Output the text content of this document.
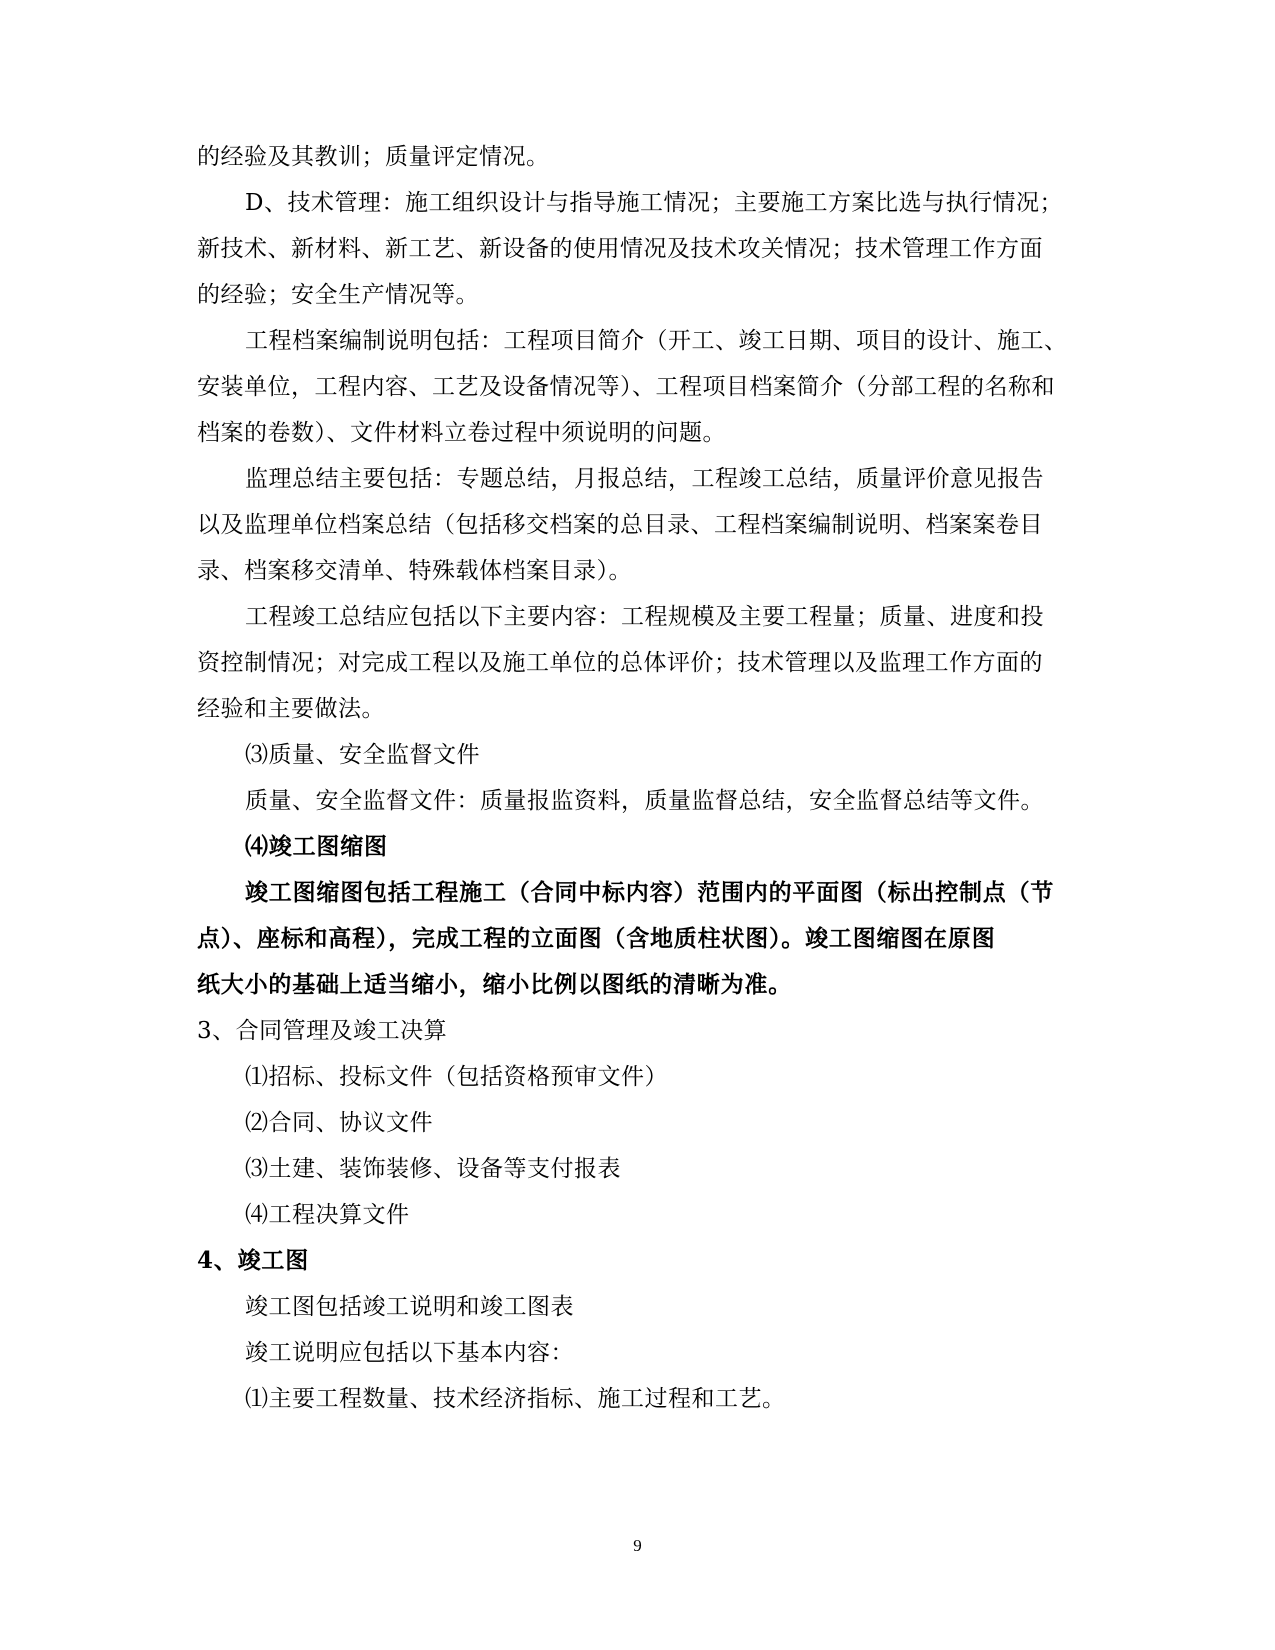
的经验及其教训；质量评定情况。
D、技术管理：施工组织设计与指导施工情况；主要施工方案比选与执行情况；
新技术、新材料、新工艺、新设备的使用情况及技术攻关情况；技术管理工作方面
的经验；安全生产情况等。
工程档案编制说明包括：工程项目简介（开工、竣工日期、项目的设计、施工、
安装单位，工程内容、工艺及设备情况等）、工程项目档案简介（分部工程的名称和
档案的卷数）、文件材料立卷过程中须说明的问题。
监理总结主要包括：专题总结，月报总结，工程竣工总结，质量评价意见报告
以及监理单位档案总结（包括移交档案的总目录、工程档案编制说明、档案案卷目
录、档案移交清单、特殊载体档案目录）。
工程竣工总结应包括以下主要内容：工程规模及主要工程量；质量、进度和投
资控制情况；对完成工程以及施工单位的总体评价；技术管理以及监理工作方面的
经验和主要做法。
⑶质量、安全监督文件
质量、安全监督文件：质量报监资料，质量监督总结，安全监督总结等文件。
⑷竣工图缩图
竣工图缩图包括工程施工（合同中标内容）范围内的平面图（标出控制点（节
点）、座标和高程），完成工程的立面图（含地质柱状图）。竣工图缩图在原图
纸大小的基础上适当缩小，缩小比例以图纸的清晰为准。
3、合同管理及竣工决算
⑴招标、投标文件（包括资格预审文件）
⑵合同、协议文件
⑶土建、装饰装修、设备等支付报表
⑷工程决算文件
4、竣工图
竣工图包括竣工说明和竣工图表
竣工说明应包括以下基本内容：
⑴主要工程数量、技术经济指标、施工过程和工艺。
9
